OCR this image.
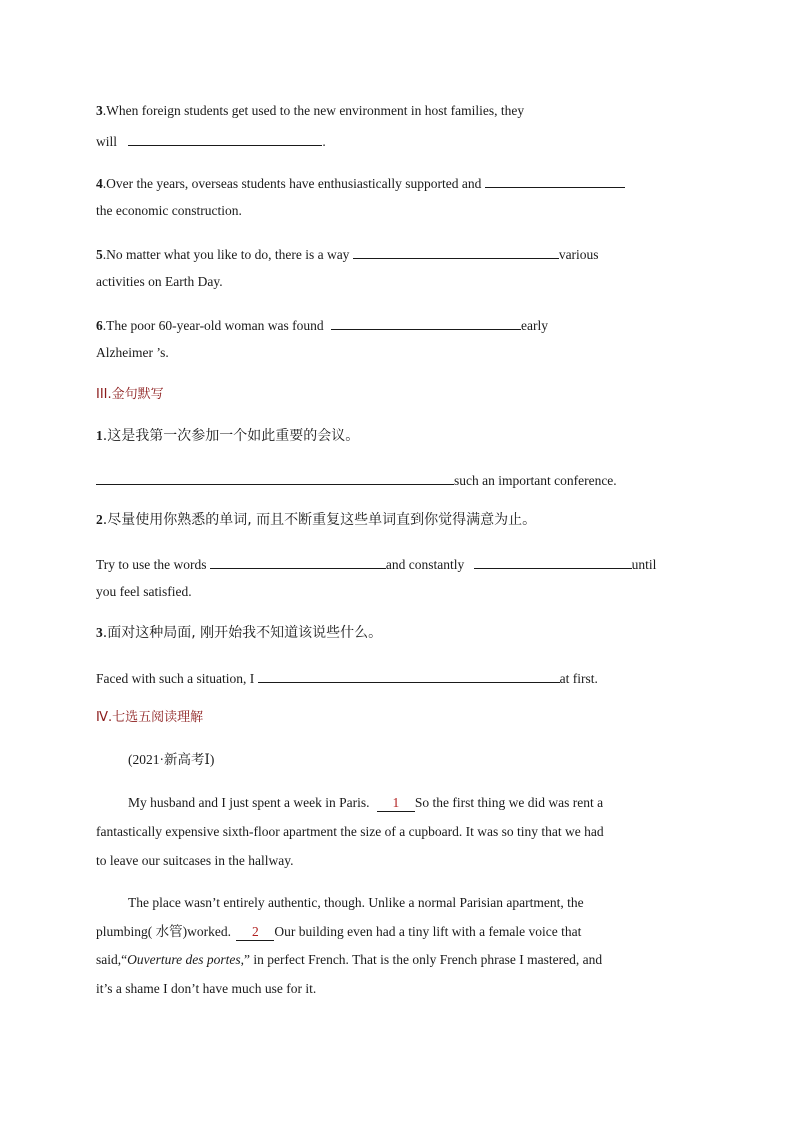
3.When foreign students get used to the new environment in host families, they
will	.
4.Over the years, overseas students have enthusiastically supported and
the economic construction.
5.No matter what you like to do, there is a way	various
activities on Earth Day.
6.The poor 60-year-old woman was found	early
Alzheimer ’s.
III.金句默写
1.这是我第一次参加一个如此重要的会议。
such an important conference.
2.尽量使用你熟悉的单词, 而且不断重复这些单词直到你觉得满意为止。
Try to use the words	and constantly	until
you feel satisfied.
3.面对这种局面, 刚开始我不知道该说些什么。
Faced with such a situation, I	at first.
Ⅳ.七选五阅读理解
(2021·新高考Ⅰ)
My husband and I just spent a week in Paris. 1 So the first thing we did was rent a
fantastically expensive sixth-floor apartment the size of a cupboard. It was so tiny that we had
to leave our suitcases in the hallway.
The place wasn’t entirely authentic, though. Unlike a normal Parisian apartment, the
plumbing( 水管)worked. 2 Our building even had a tiny lift with a female voice that
said,“Ouverture des portes,” in perfect French. That is the only French phrase I mastered, and
it’s a shame I don’t have much use for it.
